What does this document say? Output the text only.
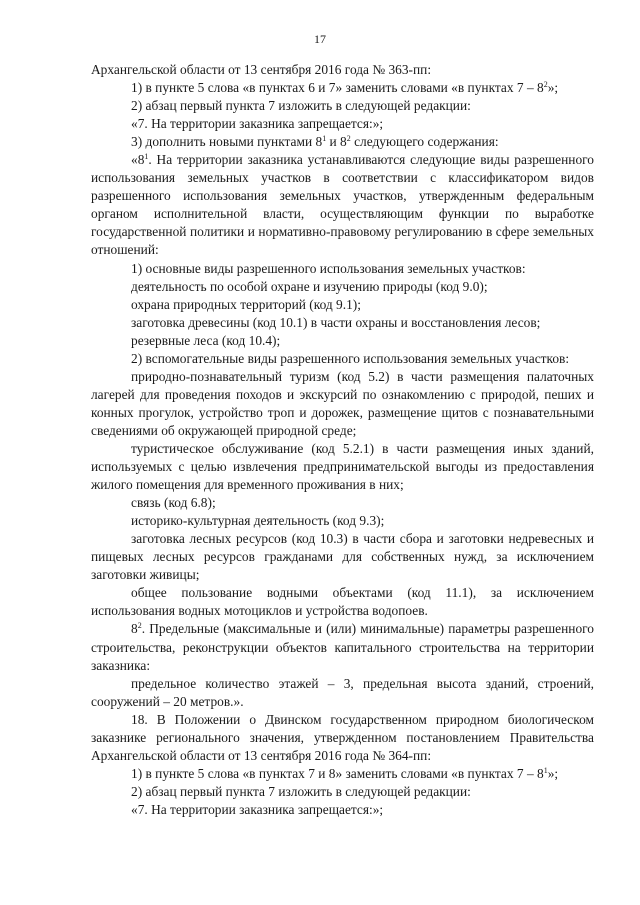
17

Архангельской области от 13 сентября 2016 года № 363-пп:

1) в пункте 5 слова «в пунктах 6 и 7» заменить словами «в пунктах $7 - 8^2$»;

2) абзац первый пункта 7 изложить в следующей редакции:

«7. На территории заказника запрещается:»;

3) дополнить новыми пунктами $8^1$ и $8^2$ следующего содержания:

«$8^1$. На территории заказника устанавливаются следующие виды разрешенного использования земельных участков в соответствии с классификатором видов разрешенного использования земельных участков, утвержденным федеральным органом исполнительной власти, осуществляющим функции по выработке государственной политики и нормативно-правовому регулированию в сфере земельных отношений:

1) основные виды разрешенного использования земельных участков:

деятельность по особой охране и изучению природы (код 9.0);

охрана природных территорий (код 9.1);

заготовка древесины (код 10.1) в части охраны и восстановления лесов;

резервные леса (код 10.4);

2) вспомогательные виды разрешенного использования земельных участков:

природно-познавательный туризм (код 5.2) в части размещения палаточных лагерей для проведения походов и экскурсий по ознакомлению с природой, пеших и конных прогулок, устройство троп и дорожек, размещение щитов с познавательными сведениями об окружающей природной среде;

туристическое обслуживание (код 5.2.1) в части размещения иных зданий, используемых с целью извлечения предпринимательской выгоды из предоставления жилого помещения для временного проживания в них;

связь (код 6.8);

историко-культурная деятельность (код 9.3);

заготовка лесных ресурсов (код 10.3) в части сбора и заготовки недревесных и пищевых лесных ресурсов гражданами для собственных нужд, за исключением заготовки живицы;

общее пользование водными объектами (код 11.1), за исключением использования водных мотоциклов и устройства водопоев.

$8^2$. Предельные (максимальные и (или) минимальные) параметры разрешенного строительства, реконструкции объектов капитального строительства на территории заказника:

предельное количество этажей – 3, предельная высота зданий, строений, сооружений – 20 метров.».

18. В Положении о Двинском государственном природном биологическом заказнике регионального значения, утвержденном постановлением Правительства Архангельской области от 13 сентября 2016 года № 364-пп:

1) в пункте 5 слова «в пунктах 7 и 8» заменить словами «в пунктах $7 - 8^1$»;

2) абзац первый пункта 7 изложить в следующей редакции:

«7. На территории заказника запрещается:»;
